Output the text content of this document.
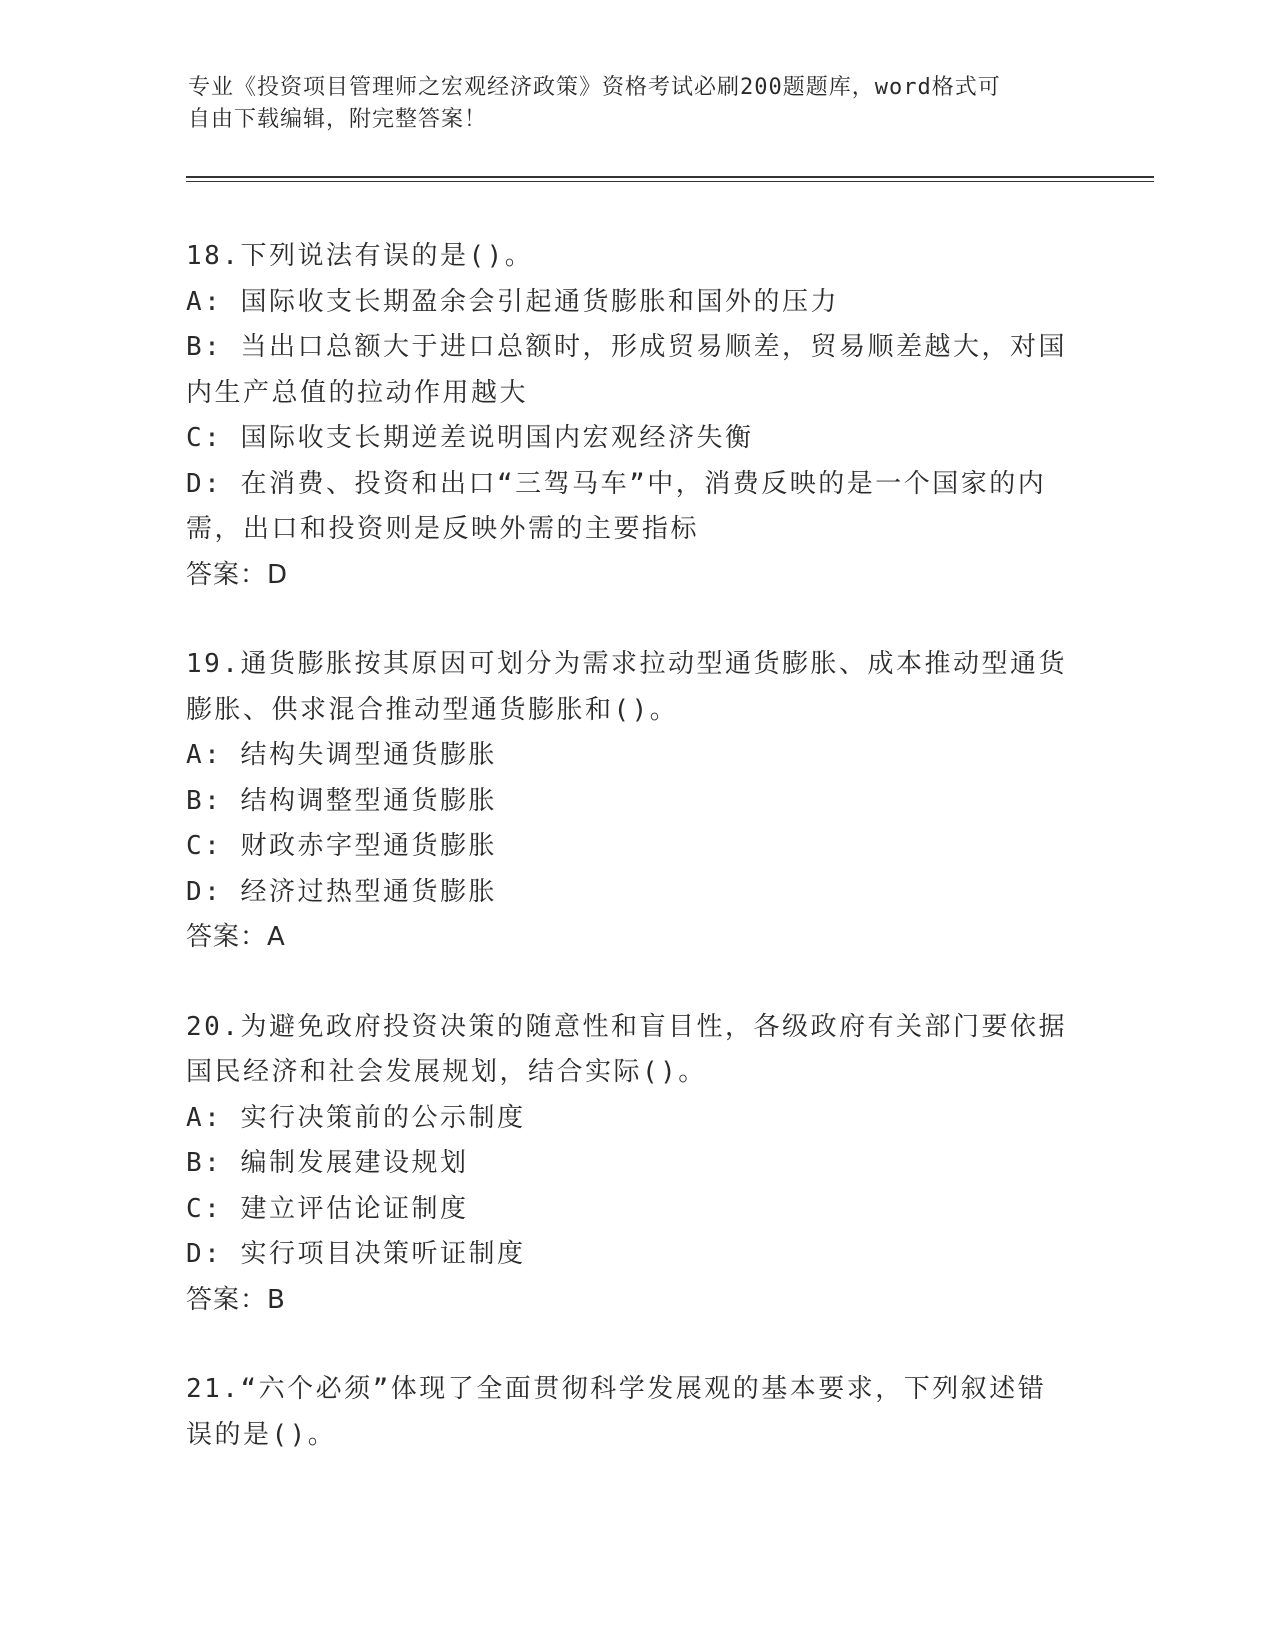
专业《投资项目管理师之宏观经济政策》资格考试必刷200题题库，word格式可
自由下载编辑，附完整答案！

18.下列说法有误的是()。

A: 国际收支长期盈余会引起通货膨胀和国外的压力

B: 当出口总额大于进口总额时，形成贸易顺差，贸易顺差越大，对国

内生产总值的拉动作用越大

C: 国际收支长期逆差说明国内宏观经济失衡

D: 在消费、投资和出口“三驾马车”中，消费反映的是一个国家的内

需，出口和投资则是反映外需的主要指标

答案：D

19.通货膨胀按其原因可划分为需求拉动型通货膨胀、成本推动型通货

膨胀、供求混合推动型通货膨胀和()。

A: 结构失调型通货膨胀

B: 结构调整型通货膨胀

C: 财政赤字型通货膨胀

D: 经济过热型通货膨胀

答案：A

20.为避免政府投资决策的随意性和盲目性，各级政府有关部门要依据

国民经济和社会发展规划，结合实际()。

A: 实行决策前的公示制度

B: 编制发展建设规划

C: 建立评估论证制度

D: 实行项目决策听证制度

答案：B

21.“六个必须”体现了全面贯彻科学发展观的基本要求，下列叙述错

误的是()。
